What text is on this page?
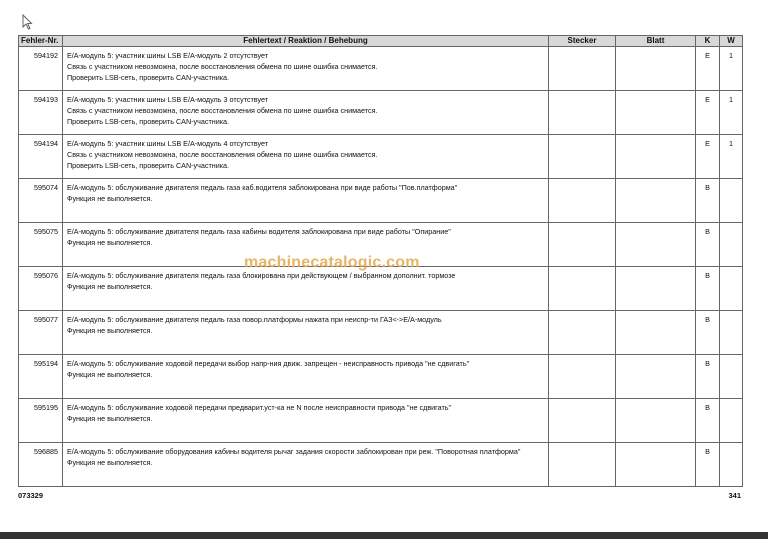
Fehler-Nr.	Fehlertext / Reaktion / Behebung	Stecker	Blatt	K	W
594192	E/A-модуль 5: участник шины LSB E/A-модуль 2 отсутствует
Связь с участником невозможна, после восстановления обмена по шине ошибка снимается.
Проверить LSB-сеть, проверить CAN-участника.			E	1
594193	E/A-модуль 5: участник шины LSB E/A-модуль 3 отсутствует
Связь с участником невозможна, после восстановления обмена по шине ошибка снимается.
Проверить LSB-сеть, проверить CAN-участника.			E	1
594194	E/A-модуль 5: участник шины LSB E/A-модуль 4 отсутствует
Связь с участником невозможна, после восстановления обмена по шине ошибка снимается.
Проверить LSB-сеть, проверить CAN-участника.			E	1
595074	E/A-модуль 5: обслуживание двигателя педаль газа каб.водителя заблокирована при виде работы "Пов.платформа"
Функция не выполняется.			B	
595075	E/A-модуль 5: обслуживание двигателя педаль газа кабины водителя заблокирована при виде работы "Опирание"
Функция не выполняется.			B	
595076	E/A-модуль 5: обслуживание двигателя педаль газа блокирована при действующем / выбранном дополнит. тормозе
Функция не выполняется.			B	
595077	E/A-модуль 5: обслуживание двигателя педаль газа повор.платформы нажата при неиспр-ти ГАЗ<->E/A-модуль
Функция не выполняется.			B	
595194	E/A-модуль 5: обслуживание ходовой передачи выбор напр-ния движ. запрещен - неисправность привода "не сдвигать"
Функция не выполняется.			B	
595195	E/A-модуль 5: обслуживание ходовой передачи предварит.уст-ка не N после неисправности привода "не сдвигать"
Функция не выполняется.			B	
596885	E/A-модуль 5: обслуживание оборудования кабины водителя рычаг задания скорости заблокирован при реж. "Поворотная платформа"
Функция не выполняется.			B	
machinecatalogic.com
073329	341
